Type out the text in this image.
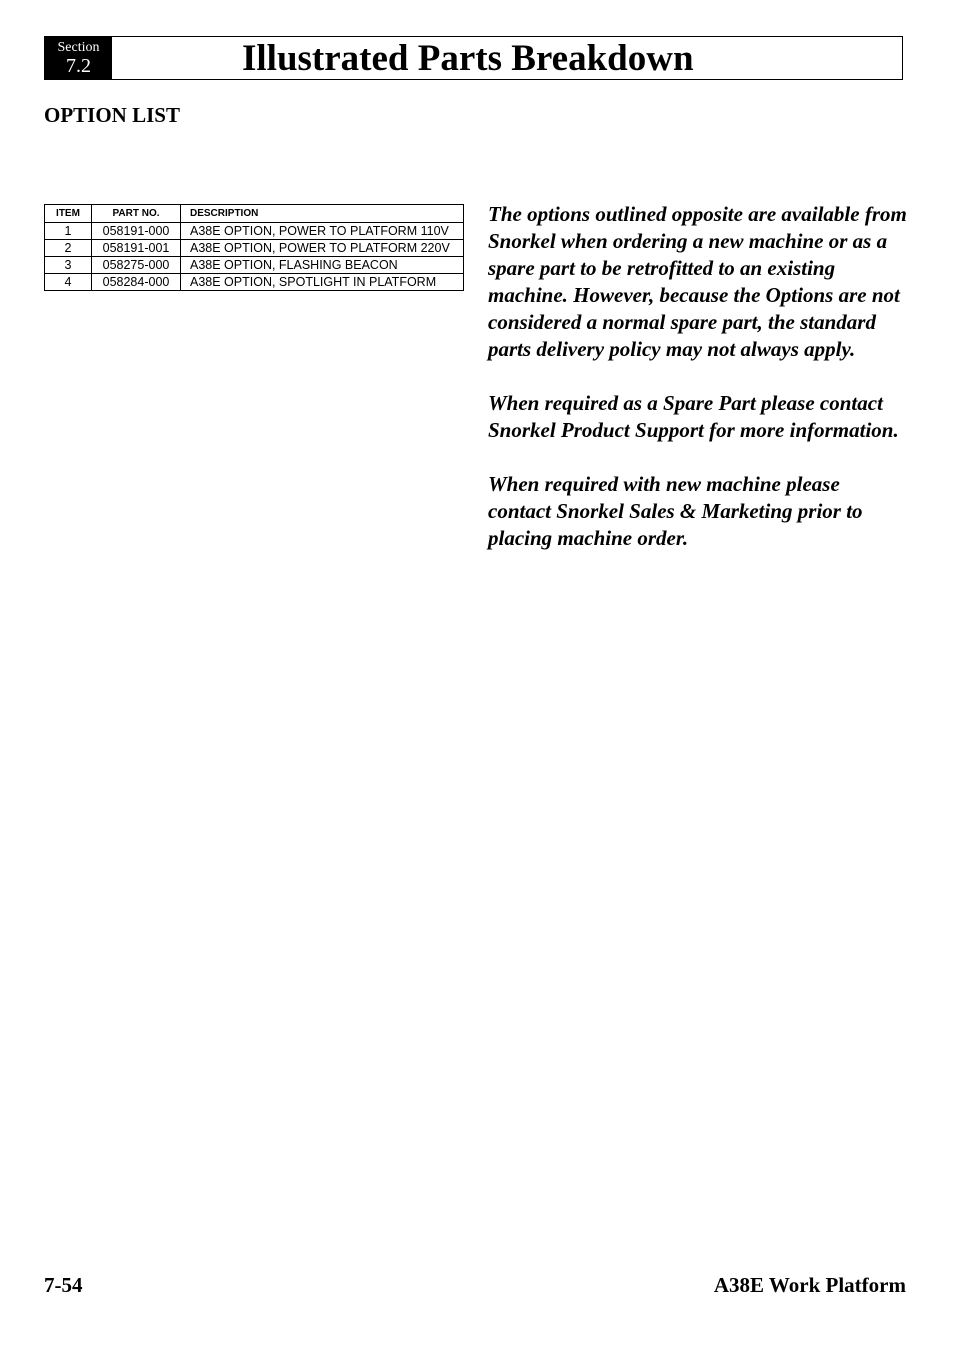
Section
7.2	Illustrated Parts Breakdown
OPTION LIST
ITEM	PART NO.	DESCRIPTION
1	058191-000	A38E OPTION, POWER TO PLATFORM 110V
2	058191-001	A38E OPTION, POWER TO PLATFORM 220V
3	058275-000	A38E OPTION, FLASHING BEACON
4	058284-000	A38E OPTION, SPOTLIGHT IN PLATFORM

The options outlined opposite are available from Snorkel when ordering a new machine or as a spare part to be retrofitted to an existing machine. However, because the Options are not considered a normal spare part, the standard parts delivery policy may not always apply.

When required as a Spare Part please contact Snorkel Product Support for more information.

When required with new machine please contact Snorkel Sales & Marketing prior to placing machine order.

7-54	A38E Work Platform
